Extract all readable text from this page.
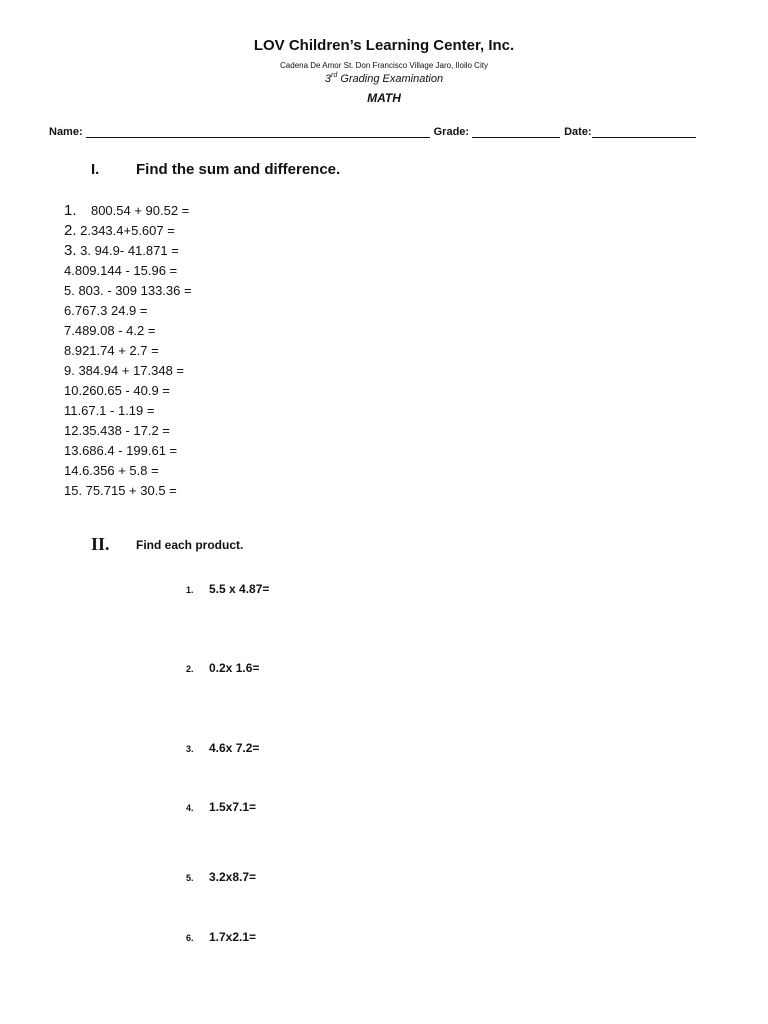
LOV Children’s Learning Center, Inc.
Cadena De Amor St. Don Francisco Village Jaro, Iloilo City
3rd Grading Examination
MATH
Name:	Grade:	Date:
I. Find the sum and difference.
1.    800.54 + 90.52 =
2. 2.343.4+5.607 =
3. 3. 94.9- 41.871 =
4.809.144 - 15.96 =
5. 803. - 309 133.36 =
6.767.3 24.9 =
7.489.08 - 4.2 =
8.921.74 + 2.7 =
9. 384.94 + 17.348 =
10.260.65 - 40.9 =
11.67.1 - 1.19 =
12.35.438 - 17.2 =
13.686.4 - 199.61 =
14.6.356 + 5.8 =
15. 75.715 + 30.5 =
II. Find each product.
1. 5.5 x 4.87=
2. 0.2x 1.6=
3. 4.6x 7.2=
4. 1.5x7.1=
5. 3.2x8.7=
6. 1.7x2.1=
